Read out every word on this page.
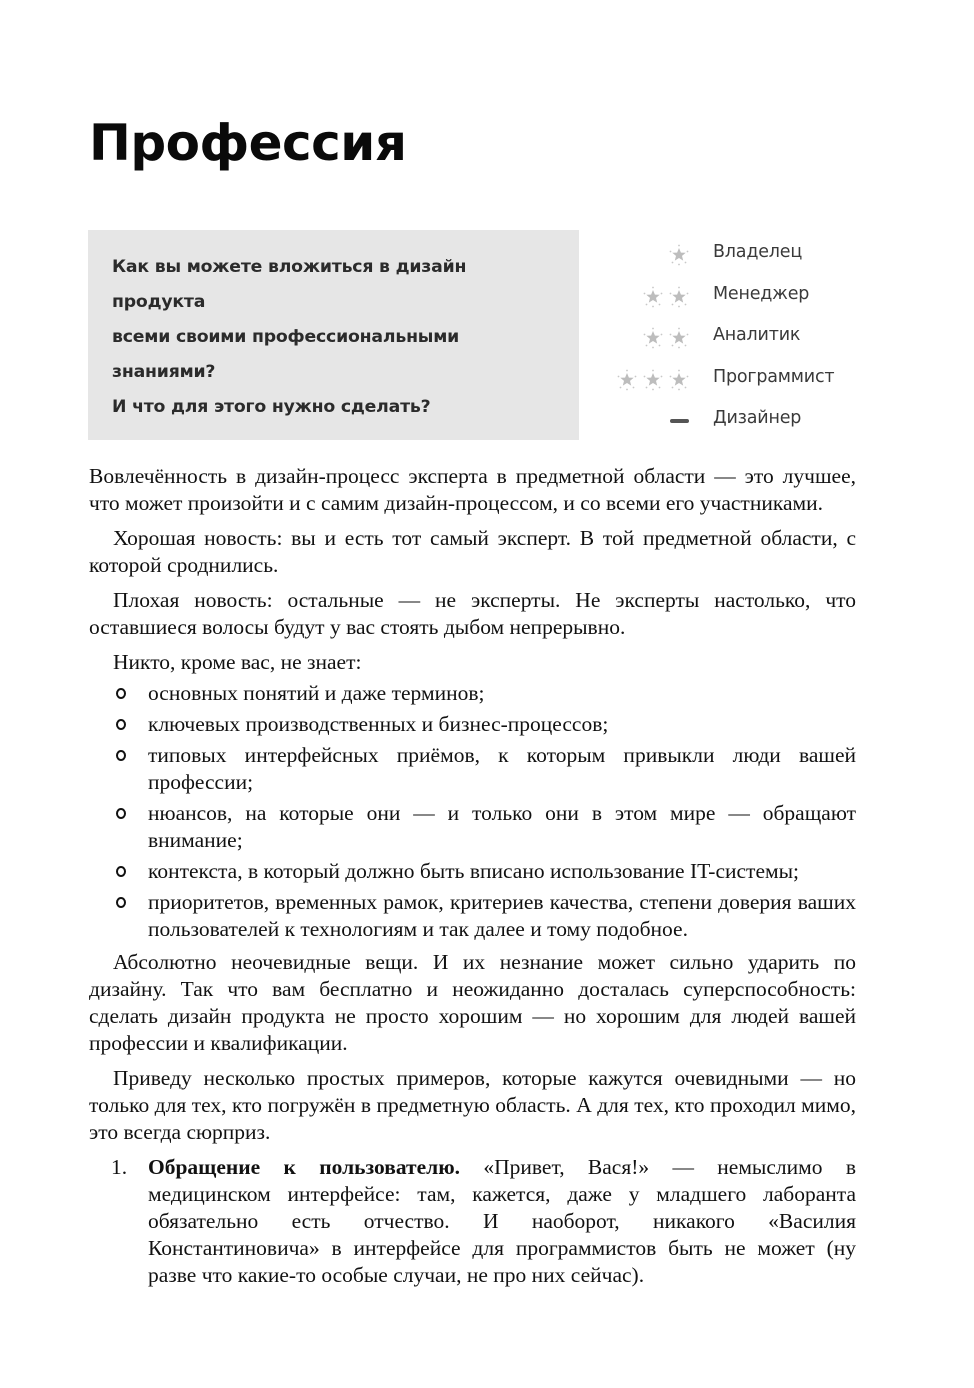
Профессия

Как вы можете вложиться в дизайн продукта

всеми своими профессиональными знаниями?

И что для этого нужно сделать?

Владелец
Менеджер
Аналитик
Программист
Дизайнер

Вовлечённость в дизайн-процесс эксперта в предметной области — это лучшее, что может произойти и с самим дизайн-процессом, и со всеми его участниками.

Хорошая новость: вы и есть тот самый эксперт. В той предметной области, с которой сроднились.

Плохая новость: остальные — не эксперты. Не эксперты настолько, что оставшиеся волосы будут у вас стоять дыбом непрерывно.

Никто, кроме вас, не знает:

основных понятий и даже терминов;
ключевых производственных и бизнес-процессов;
типовых интерфейсных приёмов, к которым привыкли люди вашей профессии;
нюансов, на которые они — и только они в этом мире — обращают внимание;
контекста, в который должно быть вписано использование IT-системы;
приоритетов, временных рамок, критериев качества, степени доверия ваших пользователей к технологиям и так далее и тому подобное.

Абсолютно неочевидные вещи. И их незнание может сильно ударить по дизайну. Так что вам бесплатно и неожиданно досталась суперспособность: сделать дизайн продукта не просто хорошим — но хорошим для людей вашей профессии и квалификации.

Приведу несколько простых примеров, которые кажутся очевидными — но только для тех, кто погружён в предметную область. А для тех, кто проходил мимо, это всегда сюрприз.

1. Обращение к пользователю. «Привет, Вася!» — немыслимо в медицинском интерфейсе: там, кажется, даже у младшего лаборанта обязательно есть отчество. И наоборот, никакого «Василия Константиновича» в интерфейсе для программистов быть не может (ну разве что какие-то особые случаи, не про них сейчас).
